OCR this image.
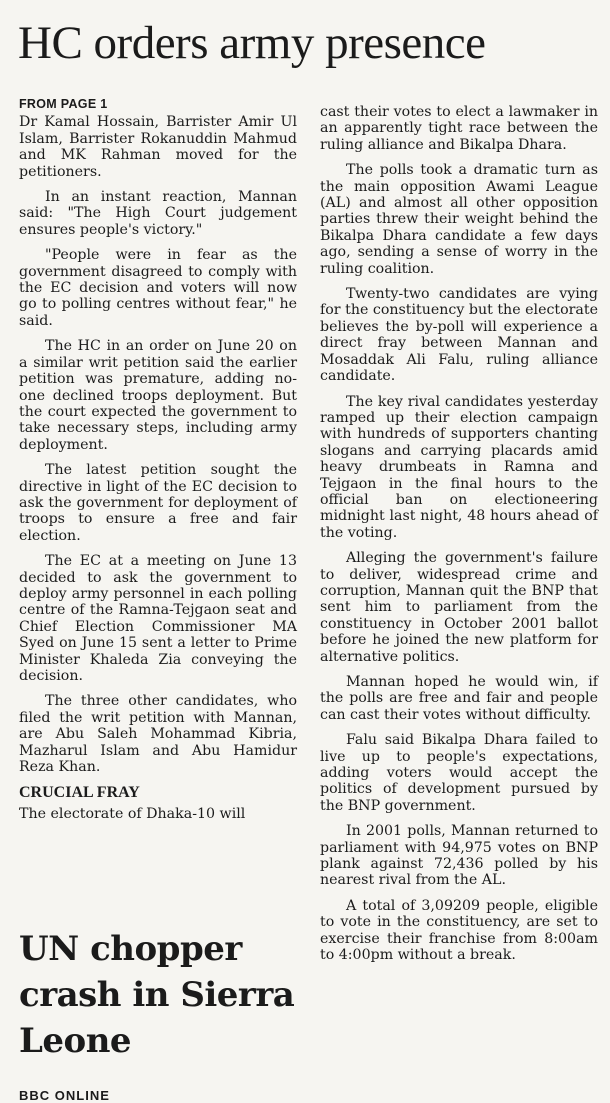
HC orders army presence
FROM PAGE 1

Dr Kamal Hossain, Barrister Amir Ul Islam, Barrister Rokanuddin Mahmud and MK Rahman moved for the petitioners.

In an instant reaction, Mannan said: "The High Court judgement ensures people's victory."

"People were in fear as the government disagreed to comply with the EC decision and voters will now go to polling centres without fear," he said.

The HC in an order on June 20 on a similar writ petition said the earlier petition was premature, adding no-one declined troops deployment. But the court expected the government to take necessary steps, including army deployment.

The latest petition sought the directive in light of the EC decision to ask the government for deployment of troops to ensure a free and fair election.

The EC at a meeting on June 13 decided to ask the government to deploy army personnel in each polling centre of the Ramna-Tejgaon seat and Chief Election Commissioner MA Syed on June 15 sent a letter to Prime Minister Khaleda Zia conveying the decision.

The three other candidates, who filed the writ petition with Mannan, are Abu Saleh Mohammad Kibria, Mazharul Islam and Abu Hamidur Reza Khan.

CRUCIAL FRAY

The electorate of Dhaka-10 will

cast their votes to elect a lawmaker in an apparently tight race between the ruling alliance and Bikalpa Dhara.

The polls took a dramatic turn as the main opposition Awami League (AL) and almost all other opposition parties threw their weight behind the Bikalpa Dhara candidate a few days ago, sending a sense of worry in the ruling coalition.

Twenty-two candidates are vying for the constituency but the electorate believes the by-poll will experience a direct fray between Mannan and Mosaddak Ali Falu, ruling alliance candidate.

The key rival candidates yesterday ramped up their election campaign with hundreds of supporters chanting slogans and carrying placards amid heavy drumbeats in Ramna and Tejgaon in the final hours to the official ban on electioneering midnight last night, 48 hours ahead of the voting.

Alleging the government's failure to deliver, widespread crime and corruption, Mannan quit the BNP that sent him to parliament from the constituency in October 2001 ballot before he joined the new platform for alternative politics.

Mannan hoped he would win, if the polls are free and fair and people can cast their votes without difficulty.

Falu said Bikalpa Dhara failed to live up to people's expectations, adding voters would accept the politics of development pursued by the BNP government.

In 2001 polls, Mannan returned to parliament with 94,975 votes on BNP plank against 72,436 polled by his nearest rival from the AL.

A total of 3,09209 people, eligible to vote in the constituency, are set to exercise their franchise from 8:00am to 4:00pm without a break.

UN chopper crash in Sierra Leone
BBC ONLINE
